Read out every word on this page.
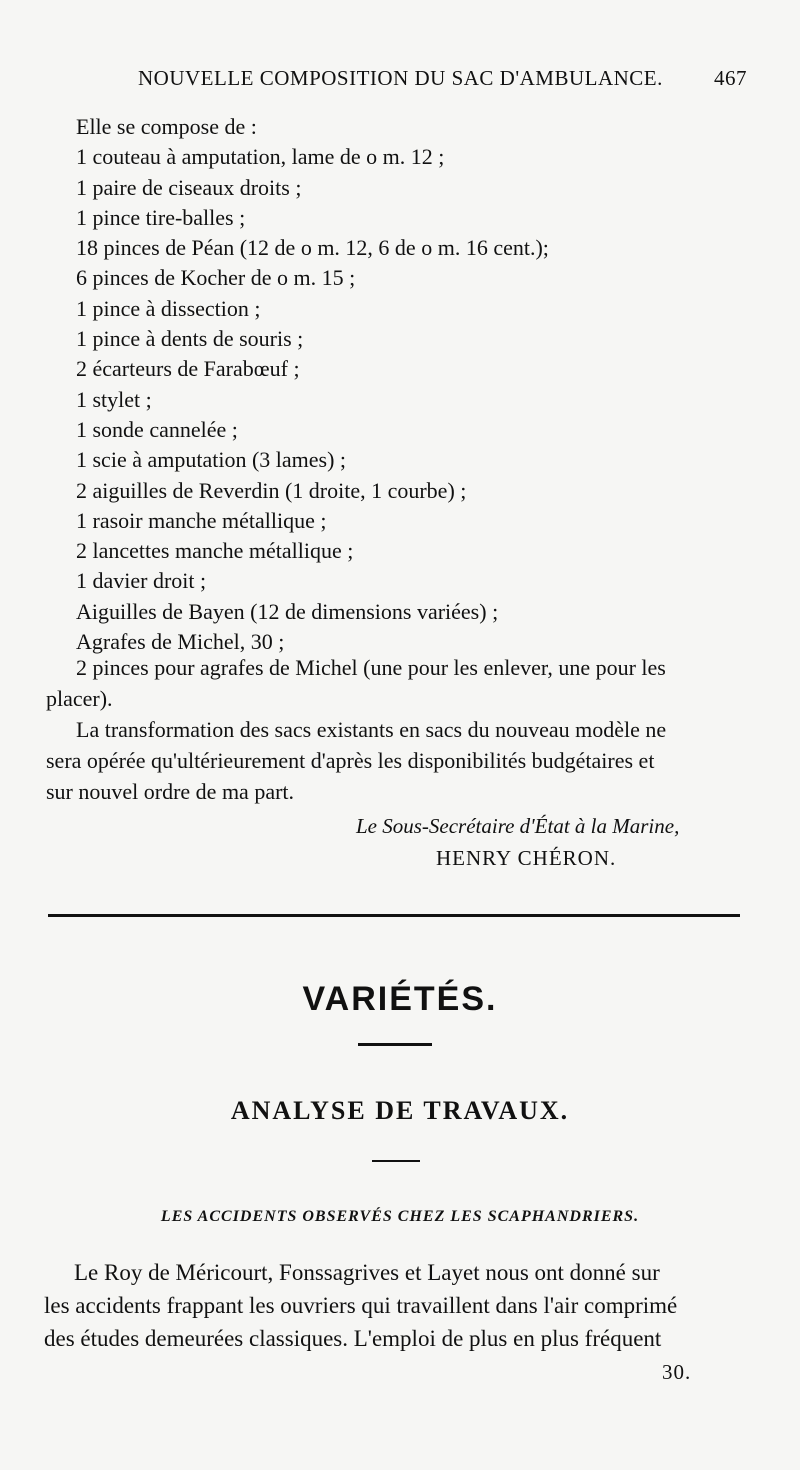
NOUVELLE COMPOSITION DU SAC D'AMBULANCE. 467
Elle se compose de :
1 couteau à amputation, lame de o m. 12 ;
1 paire de ciseaux droits ;
1 pince tire-balles ;
18 pinces de Péan (12 de o m. 12, 6 de o m. 16 cent.);
6 pinces de Kocher de o m. 15 ;
1 pince à dissection ;
1 pince à dents de souris ;
2 écarteurs de Farabœuf ;
1 stylet ;
1 sonde cannelée ;
1 scie à amputation (3 lames) ;
2 aiguilles de Reverdin (1 droite, 1 courbe) ;
1 rasoir manche métallique ;
2 lancettes manche métallique ;
1 davier droit ;
Aiguilles de Bayen (12 de dimensions variées) ;
Agrafes de Michel, 30 ;
2 pinces pour agrafes de Michel (une pour les enlever, une pour les
placer).
La transformation des sacs existants en sacs du nouveau modèle ne
sera opérée qu'ultérieurement d'après les disponibilités budgétaires et
sur nouvel ordre de ma part.
Le Sous-Secrétaire d'État à la Marine,
HENRY CHÉRON.
VARIÉTÉS.
ANALYSE DE TRAVAUX.
LES ACCIDENTS OBSERVÉS CHEZ LES SCAPHANDRIERS.
Le Roy de Méricourt, Fonssagrives et Layet nous ont donné sur
les accidents frappant les ouvriers qui travaillent dans l'air comprimé
des études demeurées classiques. L'emploi de plus en plus fréquent
30.
